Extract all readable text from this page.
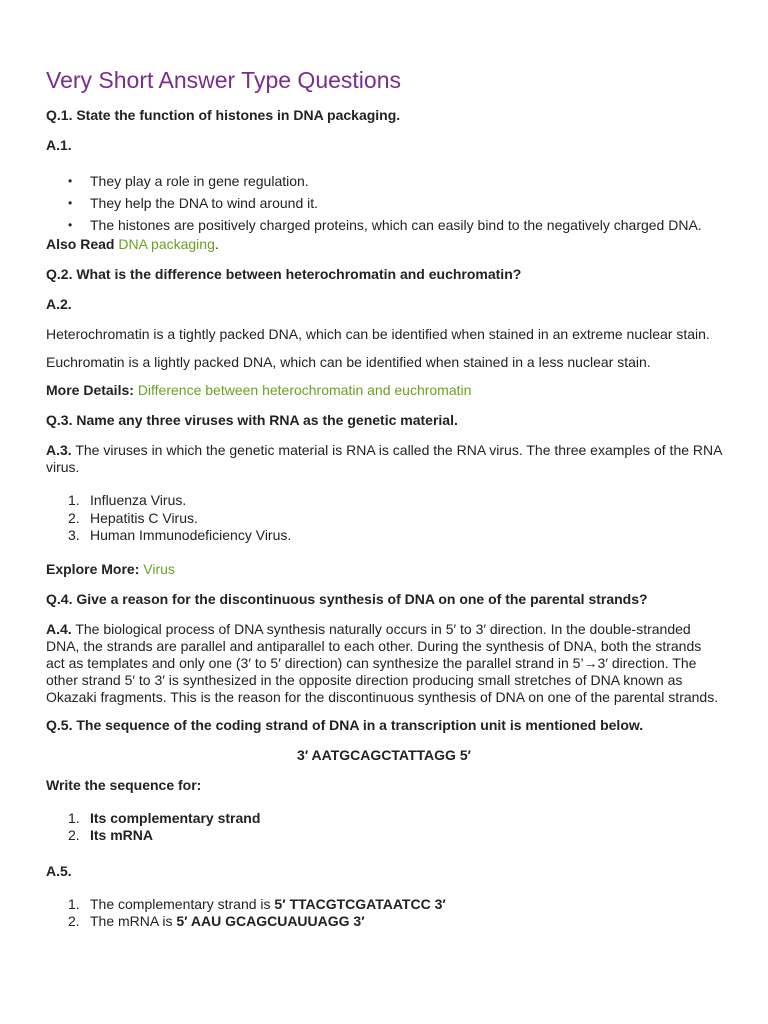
Very Short Answer Type Questions

Q.1. State the function of histones in DNA packaging.

A.1.

• They play a role in gene regulation.
• They help the DNA to wind around it.
• The histones are positively charged proteins, which can easily bind to the negatively charged DNA.

Also Read DNA packaging.

Q.2. What is the difference between heterochromatin and euchromatin?

A.2.

Heterochromatin is a tightly packed DNA, which can be identified when stained in an extreme nuclear stain.

Euchromatin is a lightly packed DNA, which can be identified when stained in a less nuclear stain.

More Details: Difference between heterochromatin and euchromatin

Q.3. Name any three viruses with RNA as the genetic material.

A.3. The viruses in which the genetic material is RNA is called the RNA virus. The three examples of the RNA virus.

1. Influenza Virus.
2. Hepatitis C Virus.
3. Human Immunodeficiency Virus.

Explore More: Virus

Q.4. Give a reason for the discontinuous synthesis of DNA on one of the parental strands?

A.4. The biological process of DNA synthesis naturally occurs in 5′ to 3′ direction. In the double-stranded DNA, the strands are parallel and antiparallel to each other. During the synthesis of DNA, both the strands act as templates and only one (3′ to 5′ direction) can synthesize the parallel strand in 5’→3′ direction. The other strand 5′ to 3′ is synthesized in the opposite direction producing small stretches of DNA known as Okazaki fragments. This is the reason for the discontinuous synthesis of DNA on one of the parental strands.

Q.5. The sequence of the coding strand of DNA in a transcription unit is mentioned below.

3′ AATGCAGCTATTAGG 5′

Write the sequence for:

1. Its complementary strand
2. Its mRNA

A.5.

1. The complementary strand is 5′ TTACGTCGATAATCC 3′
2. The mRNA is 5′ AAU GCAGCUAUUAGG 3′
